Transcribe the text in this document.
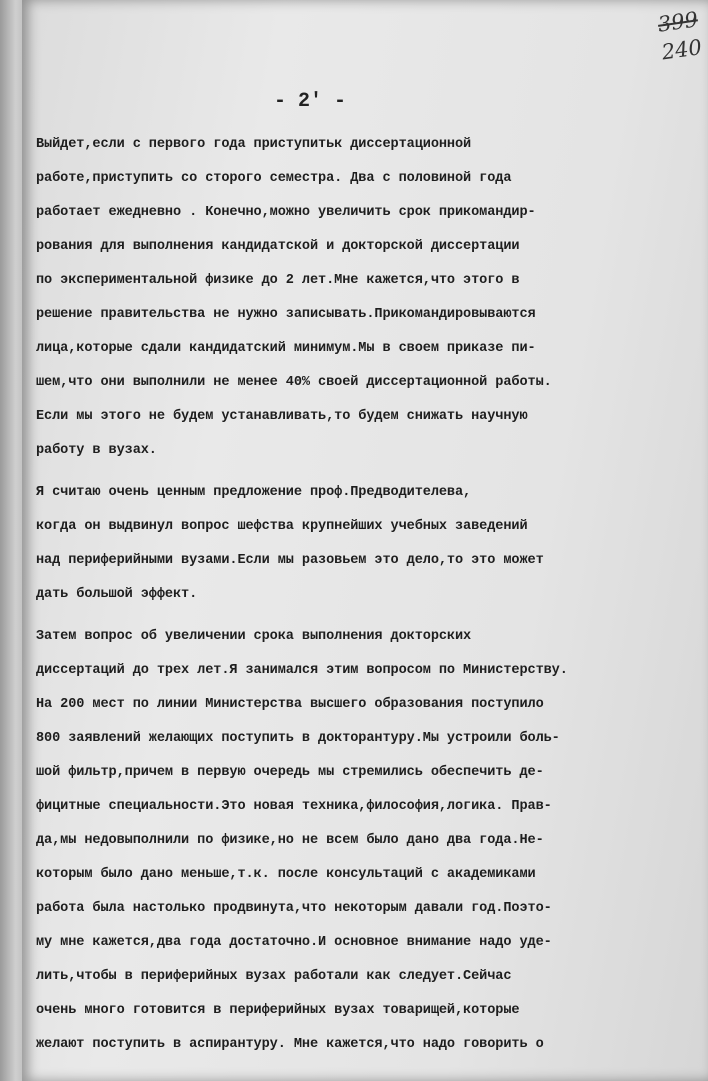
399
240
- 2ʹ -
Выйдет,если с первого года приступитьк диссертационной
работе,приступить со сторого семестра. Два с половиной года
работает ежедневно . Конечно,можно увеличить срок прикомандир-
рования для выполнения кандидатской и докторской диссертации
по экспериментальной физике до 2 лет.Мне кажется,что этого в
решение правительства не нужно записывать.Прикомандировываются
лица,которые сдали кандидатский минимум.Мы в своем приказе пи-
шем,что они выполнили не менее 40% своей диссертационной работы.
Если мы этого не будем устанавливать,то будем снижать научную
работу в вузах.
Я считаю очень ценным предложение проф.Предводителева,
когда он выдвинул вопрос шефства крупнейших учебных заведений
над периферийными вузами.Если мы разовьем это дело,то это может
дать большой эффект.
Затем вопрос об увеличении срока выполнения докторских
диссертаций до трех лет.Я занимался этим вопросом по Министерству.
На 200 мест по линии Министерства высшего образования поступило
800 заявлений желающих поступить в докторантуру.Мы устроили боль-
шой фильтр,причем в первую очередь мы стремились обеспечить де-
фицитные специальности.Это новая техника,философия,логика. Прав-
да,мы недовыполнили по физике,но не всем было дано два года.Не-
которым было дано меньше,т.к. после консультаций с академиками
работа была настолько продвинута,что некоторым давали год.Поэто-
му мне кажется,два года достаточно.И основное внимание надо уде-
лить,чтобы в периферийных вузах работали как следует.Сейчас
очень много готовится в периферийных вузах товарищей,которые
желают поступить в аспирантуру. Мне кажется,что надо говорить о
